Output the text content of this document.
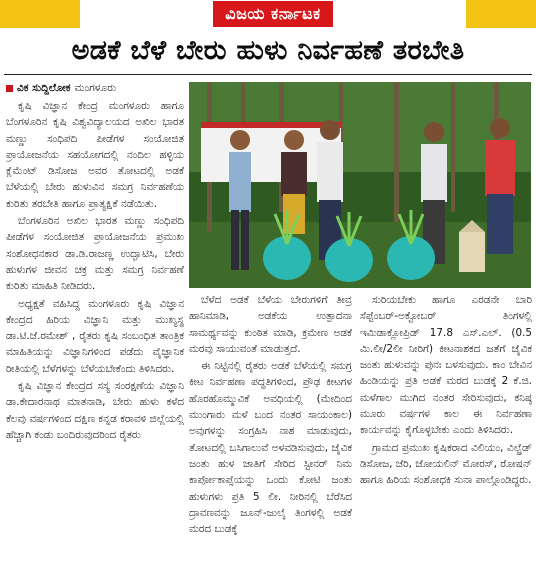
ವಿಜಯ ಕರ್ನಾಟಕ
ಅಡಕೆ ಬೆಳೆ ಬೇರು ಹುಳು ನಿರ್ವಹಣೆ ತರಬೇತಿ
ವಿಕ ಸುದ್ದಿಲೋಕ ಮಂಗಳೂರು

ಕೃಷಿ ವಿಜ್ಞಾನ ಕೇಂದ್ರ ಮಂಗಳೂರು ಹಾಗೂ ಬೆಂಗಳೂರಿನ ಕೃಷಿ ವಿಶ್ವವಿದ್ಯಾಲಯದ ಅಖಿಲ ಭಾರತ ಮಣ್ಣು ಸಂಧಿಪದಿ ಪೀಡೆಗಳ ಸಂಯೋಜಿತ ಪ್ರಾಯೋಜನೆಯ ಸಹಯೋಗದಲ್ಲಿ ನಂದಿಲ ಹಳ್ಳಿಯ ಕ್ಲೆಮೆಂಟ್ ಡಿಸೋಜ ಅವರ ತೋಟದಲ್ಲಿ ಅಡಕೆ ಬೆಳೆಯಲ್ಲಿ ಬೇರು ಹುಳುವಿನ ಸಮಗ್ರ ನಿರ್ವಹಣೆಯ ಕುರಿತು ತರಬೇತಿ ಹಾಗೂ ಪ್ರಾತ್ಯಕ್ಷಿಕೆ ನಡೆಯಿತು.

ಬೆಂಗಳೂರಿನ ಅಖಿಲ ಭಾರತ ಮಣ್ಣು ಸಂಧಿಪದಿ ಪೀಡೆಗಳ ಸಂಯೋಜಿತ ಪ್ರಾಯೋಜನೆಯ ಪ್ರಮುಖ ಸಂಶೋಧನಕಾರ ಡಾ.ಡಿ.ರಾಜಣ್ಣ ಉದ್ಘಾಟಿಸಿ, ಬೇರು ಹುಳುಗಳ ಜೀವನ ಚಕ್ರ ಮತ್ತು ಸಮಗ್ರ ನಿರ್ವಹಣೆ ಕುರಿತು ಮಾಹಿತಿ ನೀಡಿದರು.

ಅಧ್ಯಕ್ಷತೆ ವಹಿಸಿದ್ದ ಮಂಗಳೂರು ಕೃಷಿ ವಿಜ್ಞಾನ ಕೇಂದ್ರದ ಹಿರಿಯ ವಿಜ್ಞಾನಿ ಮತ್ತು ಮುಖ್ಯಸ್ಥ ಡಾ.ಟಿ.ಜೆ.ರಮೇಶ್ , ರೈತರು ಕೃಷಿ ಸಂಬಂಧಿತ ತಾಂತ್ರಿಕ ಮಾಹಿತಿಯನ್ನು ವಿಜ್ಞಾನಿಗಳಿಂದ ಪಡೆದು ವೈಜ್ಞಾನಿಕ ರೀತಿಯಲ್ಲಿ ಬೆಳೆಗಳನ್ನು ಬೆಳೆಯಬೇಕೆಂದು ತಿಳಿಸಿದರು.

ಕೃಷಿ ವಿಜ್ಞಾನ ಕೇಂದ್ರದ ಸಸ್ಯ ಸಂರಕ್ಷಣೆಯ ವಿಜ್ಞಾನಿ ಡಾ.ಕೇದಾರನಾಥ ಮಾತನಾಡಿ, ಬೇರು ಹುಳು ಕಳೆದ ಕೆಲವು ವರ್ಷಗಳಿಂದ ದಕ್ಷಿಣ ಕನ್ನಡ ಕರಾವಳಿ ಜಿಲ್ಲೆಯಲ್ಲಿ ಹೆಚ್ಚಾಗಿ ಕಂಡು ಬಂದಿರುವುದರಿಂದ ರೈತರು

ಬೆಳೆದ ಅಡಕೆ ಬೆಳೆಯ ಬೇರುಗಳಿಗೆ ತೀವ್ರ ಹಾನಿಮಾಡಿ, ಅಡಕೆಯ ಉತ್ಪಾದನಾ ಸಾಮರ್ಥ್ಯವನ್ನು ಕುಂಠಿತ ಮಾಡಿ, ಕ್ರಮೇಣ ಅಡಕೆ ಮರವು ಸಾಯುವಂತೆ ಮಾಡುತ್ತದೆ.

ಈ ನಿಟ್ಟಿನಲ್ಲಿ ರೈತರು ಅಡಕೆ ಬೆಳೆಯಲ್ಲಿ ಸಮಗ್ರ ಕೀಟ ನಿರ್ವಹಣಾ ಪದ್ಧತಿಗಳಿಂದ, ಪ್ರೌಢ ಕೀಟಗಳ ಹೊರಹೊಮ್ಮುವಿಕೆ ಅವಧಿಯಲ್ಲಿ (ಮೇದಿಂದ ಮುಂಗಾರು ಮಳೆ ಬಂದ ನಂತರ ಸಾಯಂಕಾಲ) ಅವುಗಳನ್ನು ಸಂಗ್ರಹಿಸಿ ನಾಶ ಮಾಡುವುದು, ತೋಟದಲ್ಲಿ ಬಸಿಗಾಲುವೆ ಅಳವಡಿಸುವುದು, ಜೈವಿಕ ಜಂತು ಹುಳ ಜಾತಿಗೆ ಸೇರಿದ ಸ್ಟೀನರ್ ನಿಮ ಕಾರ್ಪೋಕಾಪ್ಸೆಯನ್ನು ಒಂದು ಕೋಟಿ ಜಂತು ಹುಳುಗಳು ಪ್ರತಿ 5 ಲೀ. ನೀರಿನಲ್ಲಿ ಬೆರೆಸಿದ ದ್ರಾವಣವನ್ನು ಜೂನ್-ಜುಲೈ ತಿಂಗಳಲ್ಲಿ ಅಡಕೆ ಮರದ ಬುಡಕ್ಕೆ

ಸುರಿಯಬೇಕು ಹಾಗೂ ಎರಡನೇ ಬಾರಿ ಸೆಪ್ಟೆಂಬರ್-ಅಕ್ಟೋಬರ್ ತಿಂಗಳಲ್ಲಿ ಇಮಿಡಾಕ್ಲೋಪ್ರಿಡ್ 17.8 ಎಸ್.ಎಲ್. (0.5 ಮಿ.ಲೀ/2ಲೀ ನೀರಿಗೆ) ಕೀಟನಾಶಕದ ಜತೆಗೆ ಜೈವಿಕ ಜಂತು ಹುಳುವನ್ನು ಪುನಃ ಬಳಸುವುದು. ಕಾಂ ಬೇವಿನ ಹಿಂಡಿಯನ್ನು ಪ್ರತಿ ಅಡಕೆ ಮರದ ಬುಡಕ್ಕೆ 2 ಕೆ.ಜಿ. ಮಳೆಗಾಲ ಮುಗಿದ ನಂತರ ಸೇರಿಸುವುದು, ಕನಿಷ್ಠ ಮೂರು ವರ್ಷಗಳ ಕಾಲ ಈ ನಿರ್ವಹಣಾ ಕಾರ್ಯವನ್ನು ಕೈಗೊಳ್ಳಬೇಕು ಎಂದು ತಿಳಿಸಿದರು.

ಗ್ರಾಮದ ಪ್ರಮುಖ ಕೃಷಿಕರಾದ ವಿಲಿಯಂ, ವಿಲ್ಫ್ರೆಡ್ ಡಿಸೋಜ, ಜೆರಿ, ಜೋಯಲಿನ್ ಮೋರಸ್, ರೋಷನ್ ಹಾಗೂ ಹಿರಿಯ ಸಂಶೋಧಕಿ ಸುನಾ ಪಾಲ್ಗೊಂಡಿದ್ದರು.
